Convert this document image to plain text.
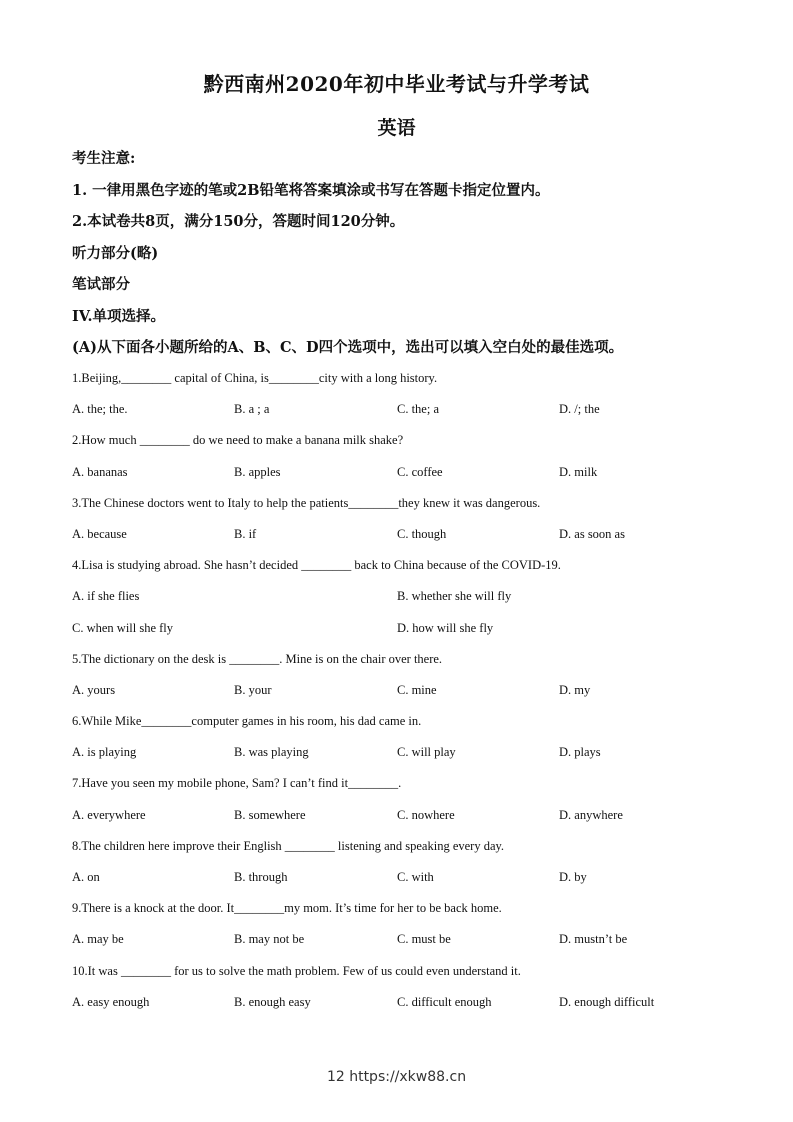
黔西南州2020年初中毕业考试与升学考试
英语
考生注意:
1. 一律用黑色字迹的笔或2B铅笔将答案填涂或书写在答题卡指定位置内。
2.本试卷共8页，满分150分，答题时间120分钟。
听力部分(略)
笔试部分
IV.单项选择。
(A)从下面各小题所给的A、B、C、D四个选项中，选出可以填入空白处的最佳选项。
1.Beijing,________ capital of China, is________city with a long history.
A. the; the.	B. a ; a	C. the; a	D. /; the
2.How much ________ do we need to make a banana milk shake?
A. bananas	B. apples	C. coffee	D. milk
3.The Chinese doctors went to Italy to help the patients________they knew it was dangerous.
A. because	B. if	C. though	D. as soon as
4.Lisa is studying abroad. She hasn’t decided ________ back to China because of the COVID-19.
A. if she flies	B. whether she will fly
C. when will she fly	D. how will she fly
5.The dictionary on the desk is ________. Mine is on the chair over there.
A. yours	B. your	C. mine	D. my
6.While Mike________computer games in his room, his dad came in.
A. is playing	B. was playing	C. will play	D. plays
7.Have you seen my mobile phone, Sam? I can’t find it________.
A. everywhere	B. somewhere	C. nowhere	D. anywhere
8.The children here improve their English ________ listening and speaking every day.
A. on	B. through	C. with	D. by
9.There is a knock at the door. It________my mom. It’s time for her to be back home.
A. may be	B. may not be	C. must be	D. mustn’t be
10.It was ________ for us to solve the math problem. Few of us could even understand it.
A. easy enough	B. enough easy	C. difficult enough	D. enough difficult
12 https://xkw88.cn
